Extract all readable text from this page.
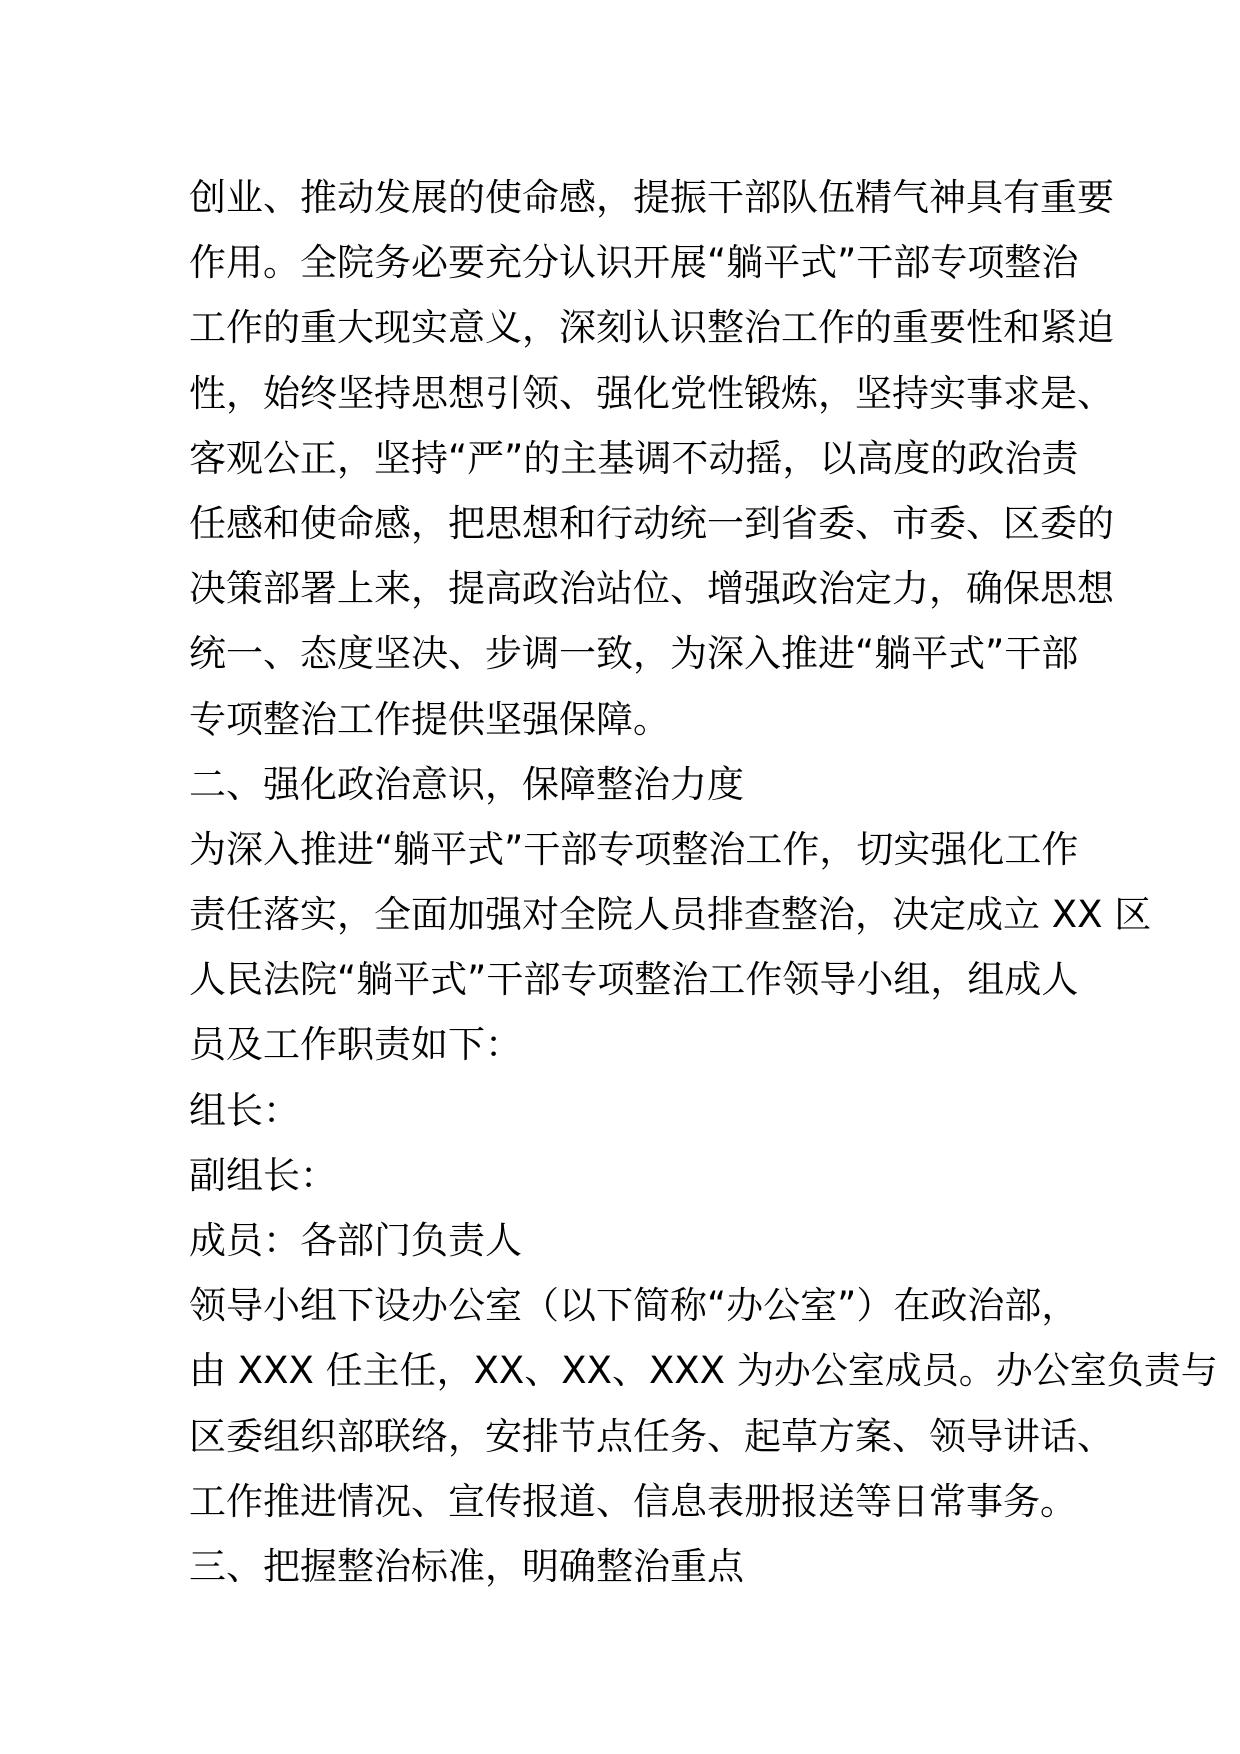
创业、推动发展的使命感，提振干部队伍精气神具有重要
作用。全院务必要充分认识开展“躺平式”干部专项整治
工作的重大现实意义，深刻认识整治工作的重要性和紧迫
性，始终坚持思想引领、强化党性锻炼，坚持实事求是、
客观公正，坚持“严”的主基调不动摇，以高度的政治责
任感和使命感，把思想和行动统一到省委、市委、区委的
决策部署上来，提高政治站位、增强政治定力，确保思想
统一、态度坚决、步调一致，为深入推进“躺平式”干部
专项整治工作提供坚强保障。
二、强化政治意识，保障整治力度
为深入推进“躺平式”干部专项整治工作，切实强化工作
责任落实，全面加强对全院人员排查整治，决定成立 XX 区
人民法院“躺平式”干部专项整治工作领导小组，组成人
员及工作职责如下：
组长：
副组长：
成员：各部门负责人
领导小组下设办公室（以下简称“办公室”）在政治部，
由 XXX 任主任，XX、XX、XXX 为办公室成员。办公室负责与
区委组织部联络，安排节点任务、起草方案、领导讲话、
工作推进情况、宣传报道、信息表册报送等日常事务。
三、把握整治标准，明确整治重点
